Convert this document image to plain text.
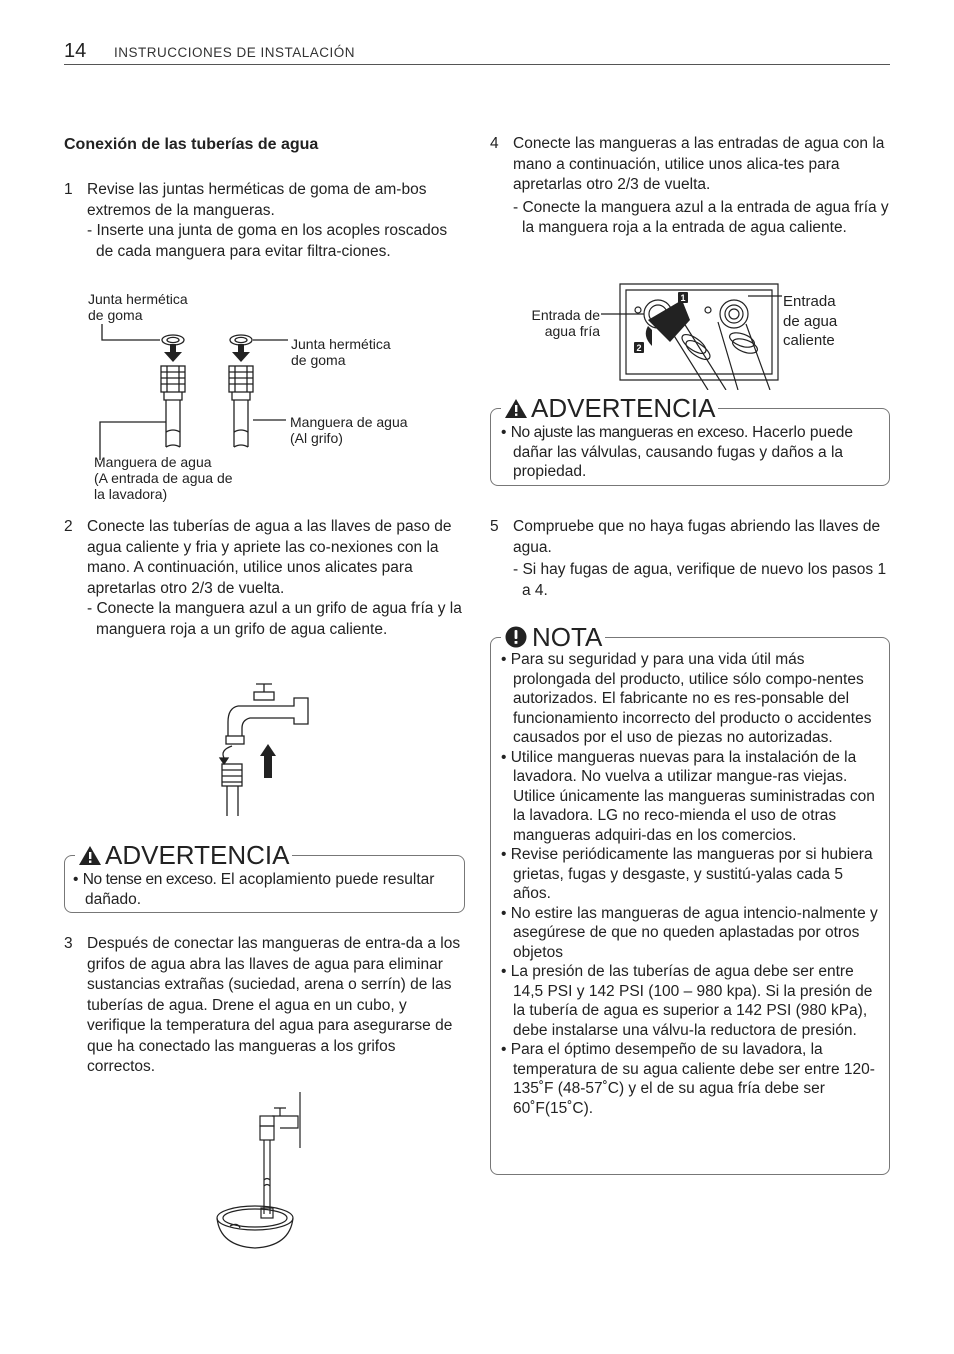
14 INSTRUCCIONES DE INSTALACIÓN
Conexión de las tuberías de agua
1 Revise las juntas herméticas de goma de am-bos extremos de la mangueras.
- Inserte una junta de goma en los acoples roscados de cada manguera para evitar filtra-ciones.
Junta hermética
de goma
Junta hermética
de goma
Manguera de agua
(Al grifo)
Manguera de agua
(A entrada de agua de
la lavadora)
2 Conecte las tuberías de agua a las llaves de paso de agua caliente y fria y apriete las co-nexiones con la mano. A continuación, utilice unos alicates para apretarlas otro 2/3 de vuelta.
- Conecte la manguera azul a un grifo de agua fría y la manguera roja a un grifo de agua caliente.
ADVERTENCIA
• No tense en exceso. El acoplamiento puede resultar dañado.
3 Después de conectar las mangueras de entra-da a los grifos de agua abra las llaves de agua para eliminar sustancias extrañas (suciedad, arena o serrín) de las tuberías de agua. Drene el agua en un cubo, y verifique la temperatura del agua para asegurarse de que ha conectado las mangueras a los grifos correctos.
4 Conecte las mangueras a las entradas de agua con la mano a continuación, utilice unos alica-tes para apretarlas otro 2/3 de vuelta.
- Conecte la manguera azul a la entrada de agua fría y la manguera roja a la entrada de agua caliente.
1
2
Entrada de
agua fría
Entrada
de agua
caliente
ADVERTENCIA
• No ajuste las mangueras en exceso. Hacerlo puede dañar las válvulas, causando fugas y daños a la propiedad.
5 Compruebe que no haya fugas abriendo las llaves de agua.
- Si hay fugas de agua, verifique de nuevo los pasos 1 a 4.
NOTA
• Para su seguridad y para una vida útil más prolongada del producto, utilice sólo compo-nentes autorizados. El fabricante no es res-ponsable del funcionamiento incorrecto del producto o accidentes causados por el uso de piezas no autorizadas.
• Utilice mangueras nuevas para la instalación de la lavadora. No vuelva a utilizar manguе-ras viejas. Utilice únicamente las mangueras suministradas con la lavadora. LG no reco-mienda el uso de otras mangueras adquiri-das en los comercios.
• Revise periódicamente las mangueras por si hubiera grietas, fugas y desgaste, y sustitú-yalas cada 5 años.
• No estire las mangueras de agua intencio-nalmente y asegúrese de que no queden aplastadas por otros objetos
• La presión de las tuberías de agua debe ser entre 14,5 PSI y 142 PSI (100 – 980 kpa). Si la presión de la tubería de agua es superior a 142 PSI (980 kPa), debe instalarse una válvu-la reductora de presión.
• Para el óptimo desempeño de su lavadora, la temperatura de su agua caliente debe ser entre 120-135˚F (48-57˚C) y el de su agua fría debe ser 60˚F(15˚C).
